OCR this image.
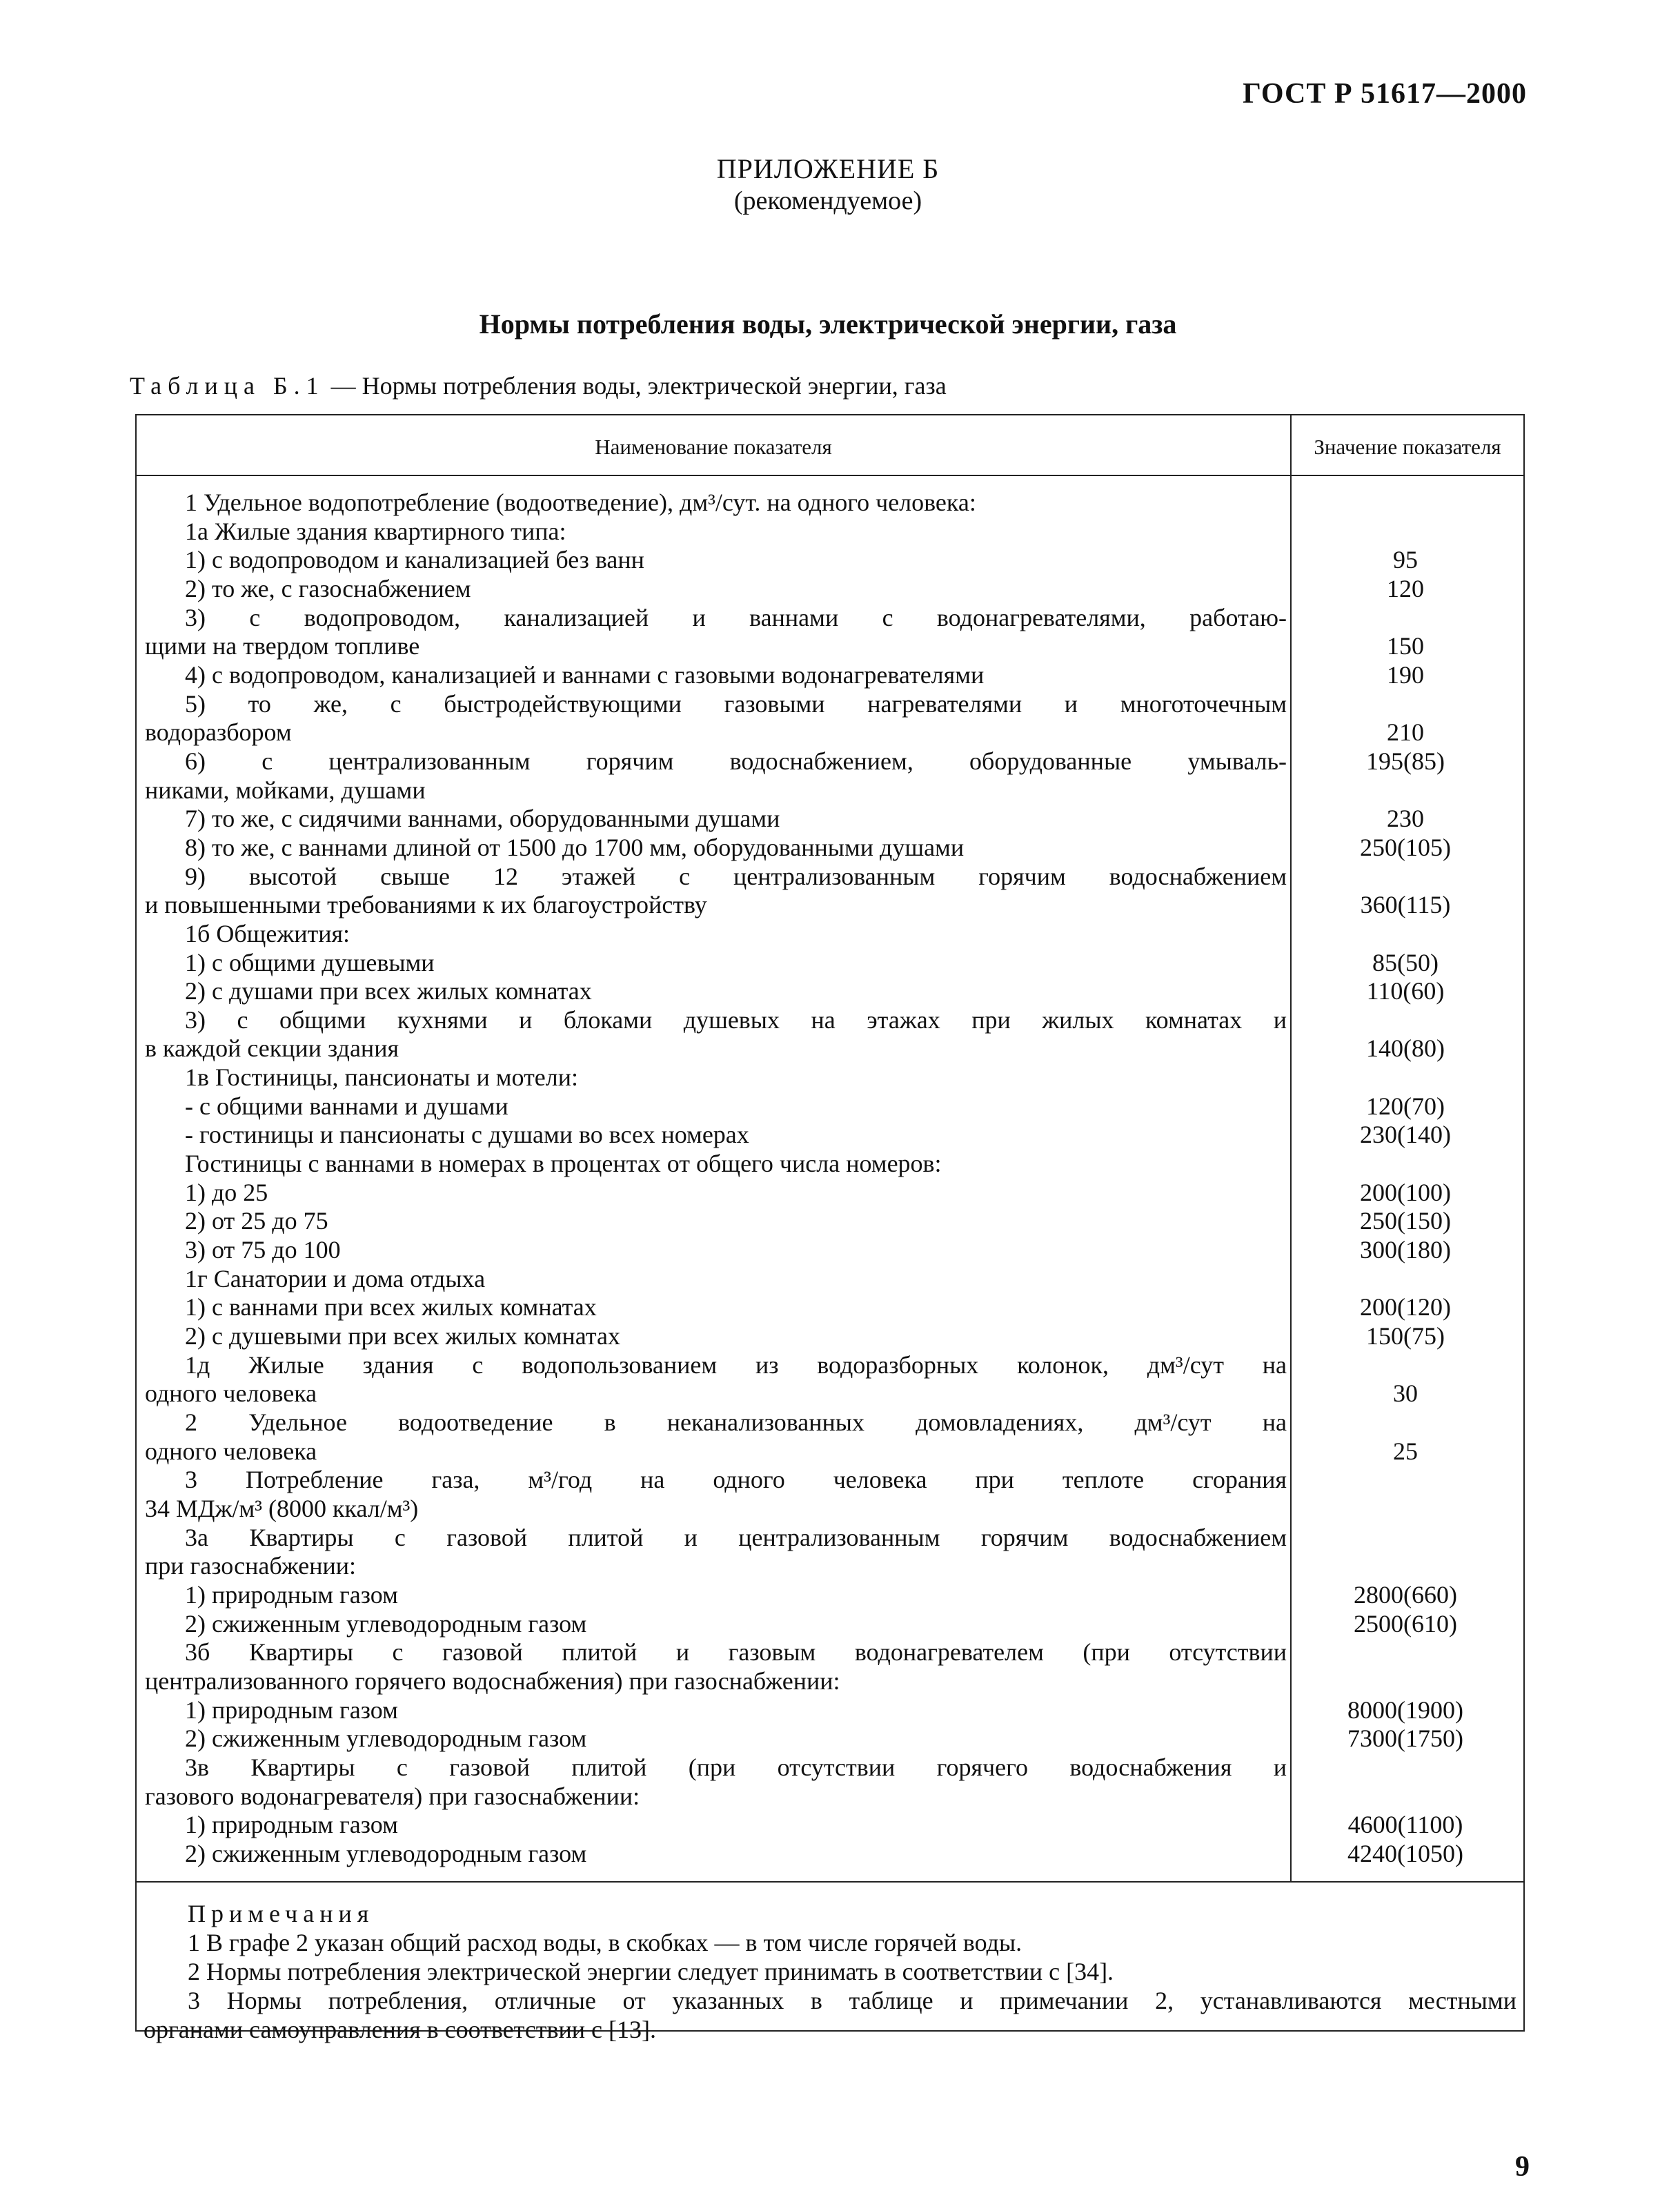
ГОСТ Р 51617—2000
ПРИЛОЖЕНИЕ Б
(рекомендуемое)
Нормы потребления воды, электрической энергии, газа
Таблица Б.1 — Нормы потребления воды, электрической энергии, газа
Наименование показателя	Значение показателя
1 Удельное водопотребление (водоотведение), дм³/сут. на одного человека:
1а Жилые здания квартирного типа:
1) с водопроводом и канализацией без ванн	95
2) то же, с газоснабжением	120
3) с водопроводом, канализацией и ваннами с водонагревателями, работаю-
щими на твердом топливе	150
4) с водопроводом, канализацией и ваннами с газовыми водонагревателями	190
5) то же, с быстродействующими газовыми нагревателями и многоточечным
водоразбором	210
6) с централизованным горячим водоснабжением, оборудованные умываль-	195(85)
никами, мойками, душами
7) то же, с сидячими ваннами, оборудованными душами	230
8) то же, с ваннами длиной от 1500 до 1700 мм, оборудованными душами	250(105)
9) высотой свыше 12 этажей с централизованным горячим водоснабжением
и повышенными требованиями к их благоустройству	360(115)
1б Общежития:
1) с общими душевыми	85(50)
2) с душами при всех жилых комнатах	110(60)
3) с общими кухнями и блоками душевых на этажах при жилых комнатах и
в каждой секции здания	140(80)
1в Гостиницы, пансионаты и мотели:
- с общими ваннами и душами	120(70)
- гостиницы и пансионаты с душами во всех номерах	230(140)
Гостиницы с ваннами в номерах в процентах от общего числа номеров:
1) до 25	200(100)
2) от 25 до 75	250(150)
3) от 75 до 100	300(180)
1г Санатории и дома отдыха
1) с ваннами при всех жилых комнатах	200(120)
2) с душевыми при всех жилых комнатах	150(75)
1д Жилые здания с водопользованием из водоразборных колонок, дм³/сут на
одного человека	30
2 Удельное водоотведение в неканализованных домовладениях, дм³/сут на
одного человека	25
3 Потребление газа, м³/год на одного человека при теплоте сгорания
34 МДж/м³ (8000 ккал/м³)
3а Квартиры с газовой плитой и централизованным горячим водоснабжением
при газоснабжении:
1) природным газом	2800(660)
2) сжиженным углеводородным газом	2500(610)
3б Квартиры с газовой плитой и газовым водонагревателем (при отсутствии
централизованного горячего водоснабжения) при газоснабжении:
1) природным газом	8000(1900)
2) сжиженным углеводородным газом	7300(1750)
3в Квартиры с газовой плитой (при отсутствии горячего водоснабжения и
газового водонагревателя) при газоснабжении:
1) природным газом	4600(1100)
2) сжиженным углеводородным газом	4240(1050)
Примечания
1 В графе 2 указан общий расход воды, в скобках — в том числе горячей воды.
2 Нормы потребления электрической энергии следует принимать в соответствии с [34].
3 Нормы потребления, отличные от указанных в таблице и примечании 2, устанавливаются местными
органами самоуправления в соответствии с [13].
9
